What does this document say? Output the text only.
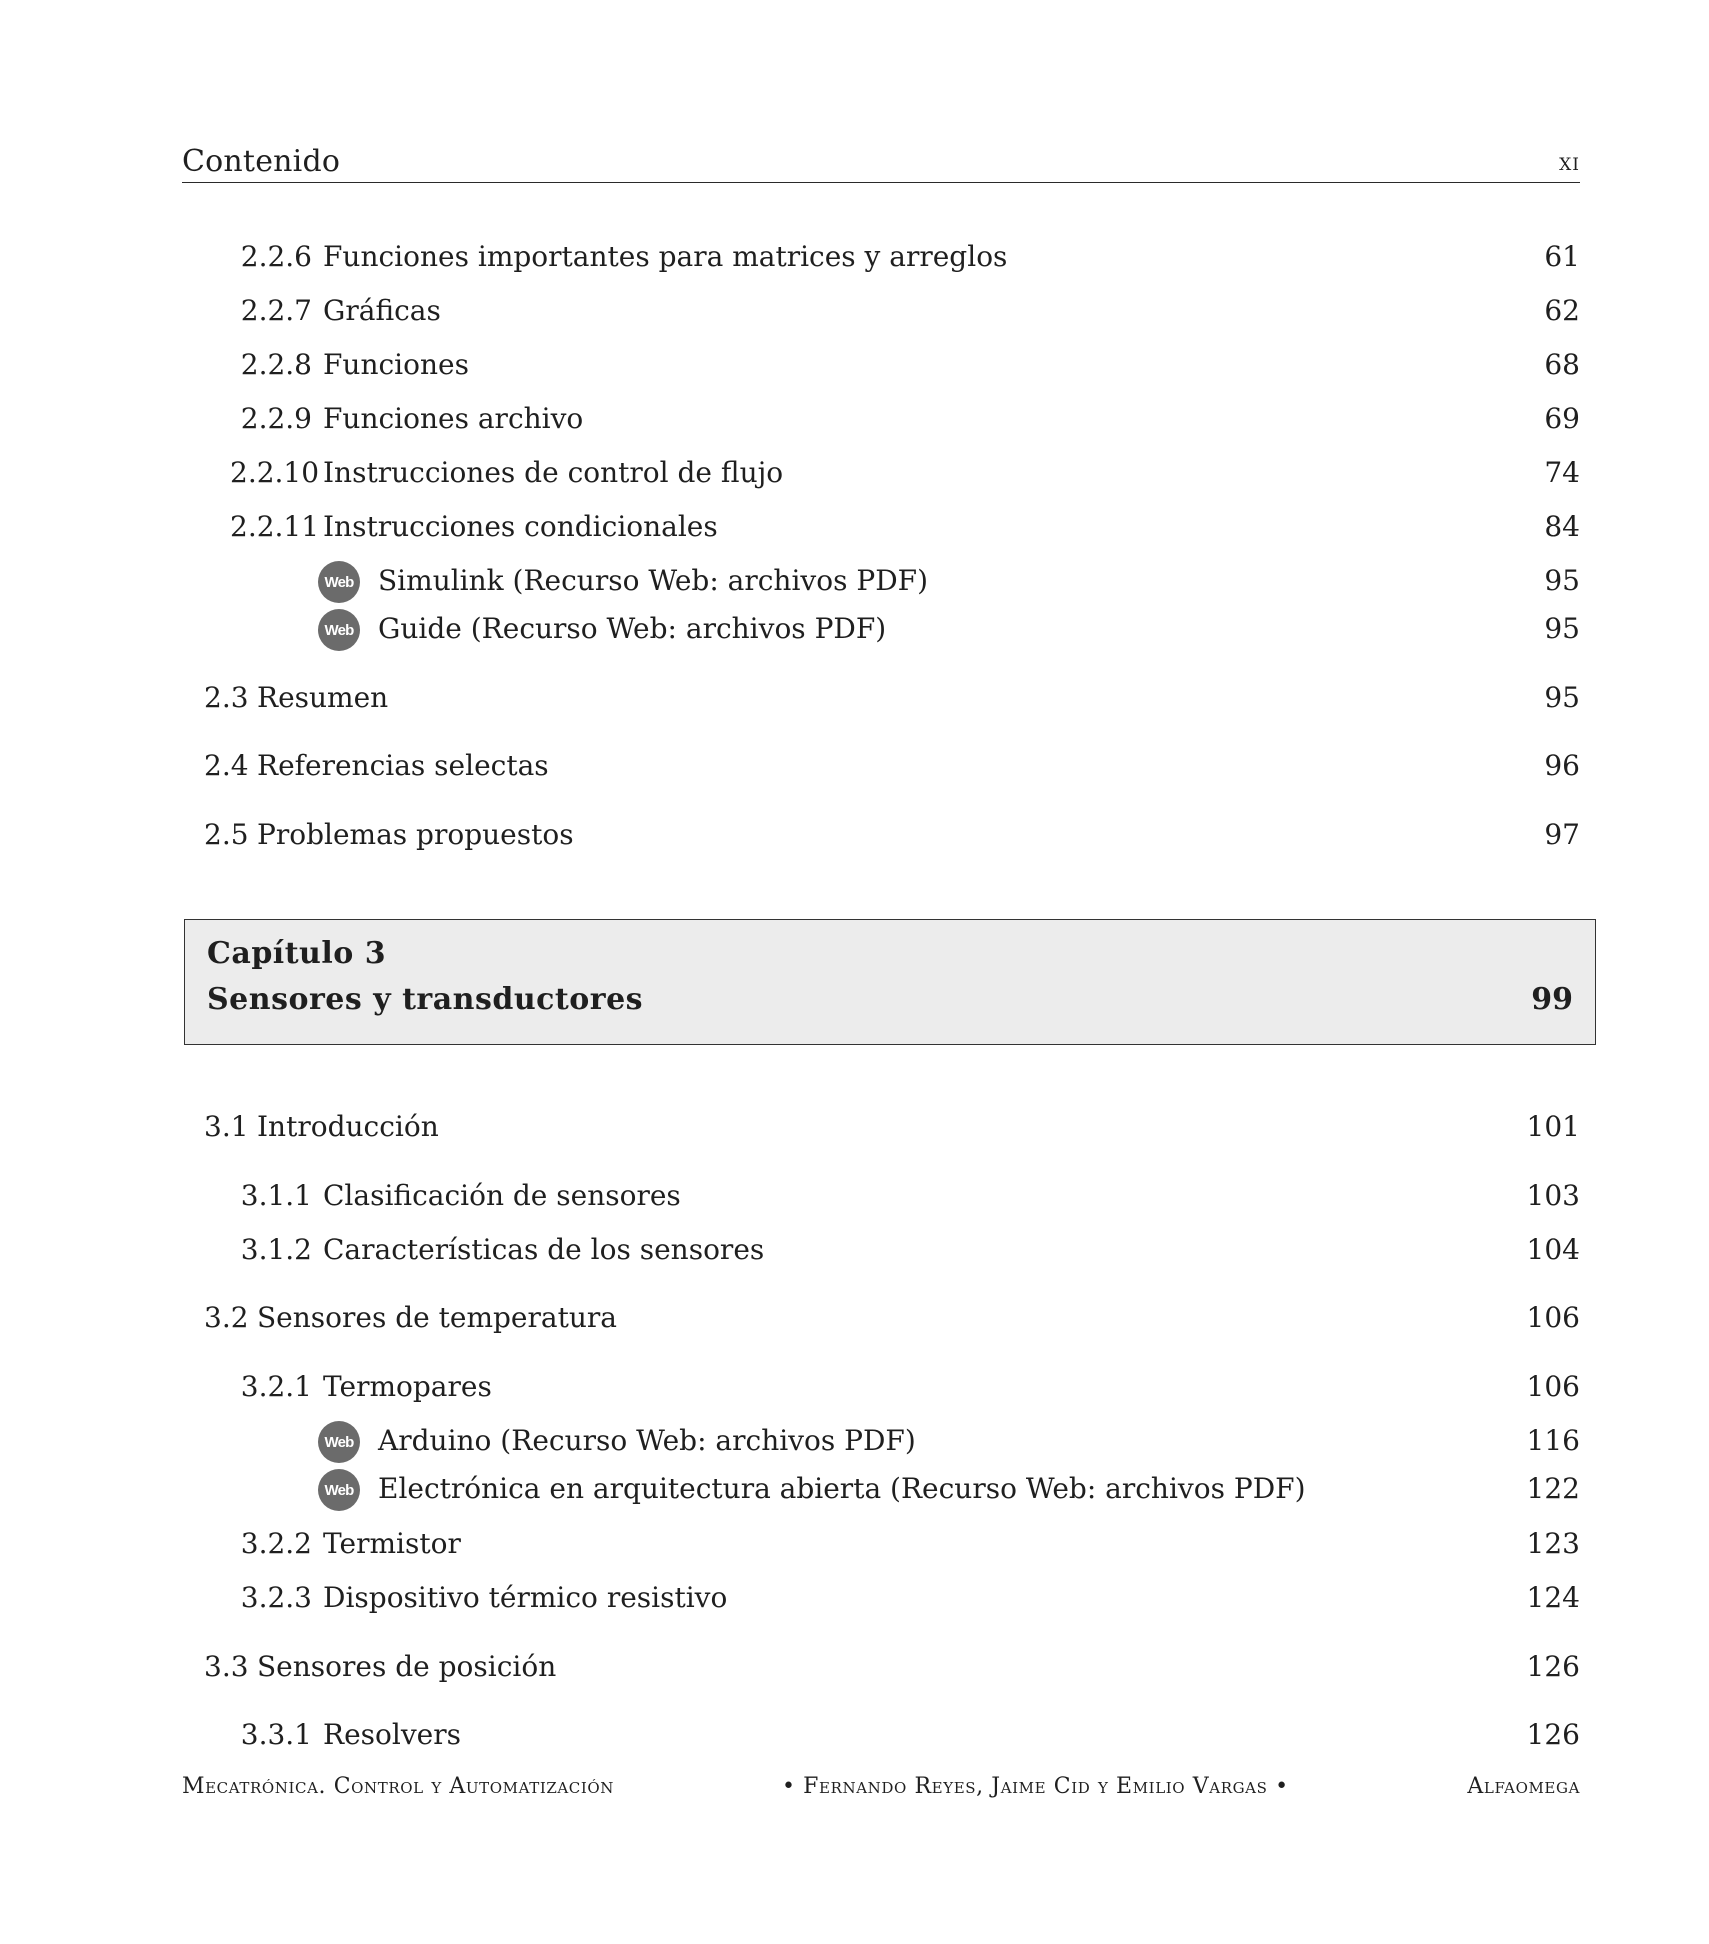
Contenido	xi
2.2.6 Funciones importantes para matrices y arreglos	61
2.2.7 Gráficas	62
2.2.8 Funciones	68
2.2.9 Funciones archivo	69
2.2.10 Instrucciones de control de flujo	74
2.2.11 Instrucciones condicionales	84
Web Simulink (Recurso Web: archivos PDF)	95
Web Guide (Recurso Web: archivos PDF)	95
2.3 Resumen	95
2.4 Referencias selectas	96
2.5 Problemas propuestos	97
Capítulo 3
Sensores y transductores	99
3.1 Introducción	101
3.1.1 Clasificación de sensores	103
3.1.2 Características de los sensores	104
3.2 Sensores de temperatura	106
3.2.1 Termopares	106
Web Arduino (Recurso Web: archivos PDF)	116
Web Electrónica en arquitectura abierta (Recurso Web: archivos PDF)	122
3.2.2 Termistor	123
3.2.3 Dispositivo térmico resistivo	124
3.3 Sensores de posición	126
3.3.1 Resolvers	126
Mecatrónica. Control y Automatización	• Fernando Reyes, Jaime Cid y Emilio Vargas •	Alfaomega
